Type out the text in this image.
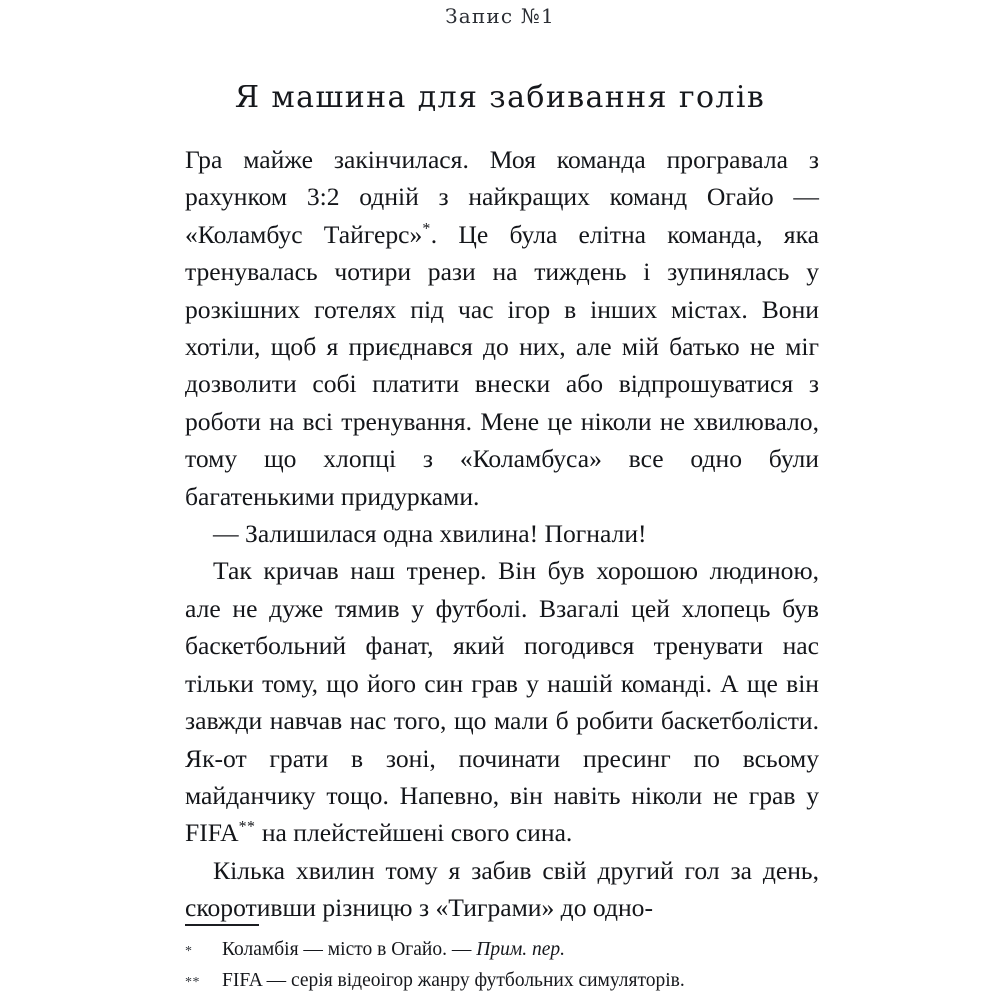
Запис №1
Я машина для забивання голів

Гра майже закінчилася. Моя команда програвала з рахунком 3:2 одній з найкращих команд Огайо — «Коламбус Тайгерс»*. Це була елітна команда, яка тренувалась чотири рази на тиждень і зупинялась у розкішних готелях під час ігор в інших містах. Вони хотіли, щоб я приєднався до них, але мій батько не міг дозволити собі платити внески або відпрошуватися з роботи на всі тренування. Мене це ніколи не хвилювало, тому що хлопці з «Коламбуса» все одно були багатенькими придурками.

— Залишилася одна хвилина! Погнали!

Так кричав наш тренер. Він був хорошою людиною, але не дуже тямив у футболі. Взагалі цей хлопець був баскетбольний фанат, який погодився тренувати нас тільки тому, що його син грав у нашій команді. А ще він завжди навчав нас того, що мали б робити баскетболісти. Як-от грати в зоні, починати пресинг по всьому майданчику тощо. Напевно, він навіть ніколи не грав у FIFA** на плейстейшені свого сина.

Кілька хвилин тому я забив свій другий гол за день, скоротивши різницю з «Тиграми» до одно-

*	Коламбія — місто в Огайо. — Прим. пер.
**	FIFA — серія відеоігор жанру футбольних симуляторів.
